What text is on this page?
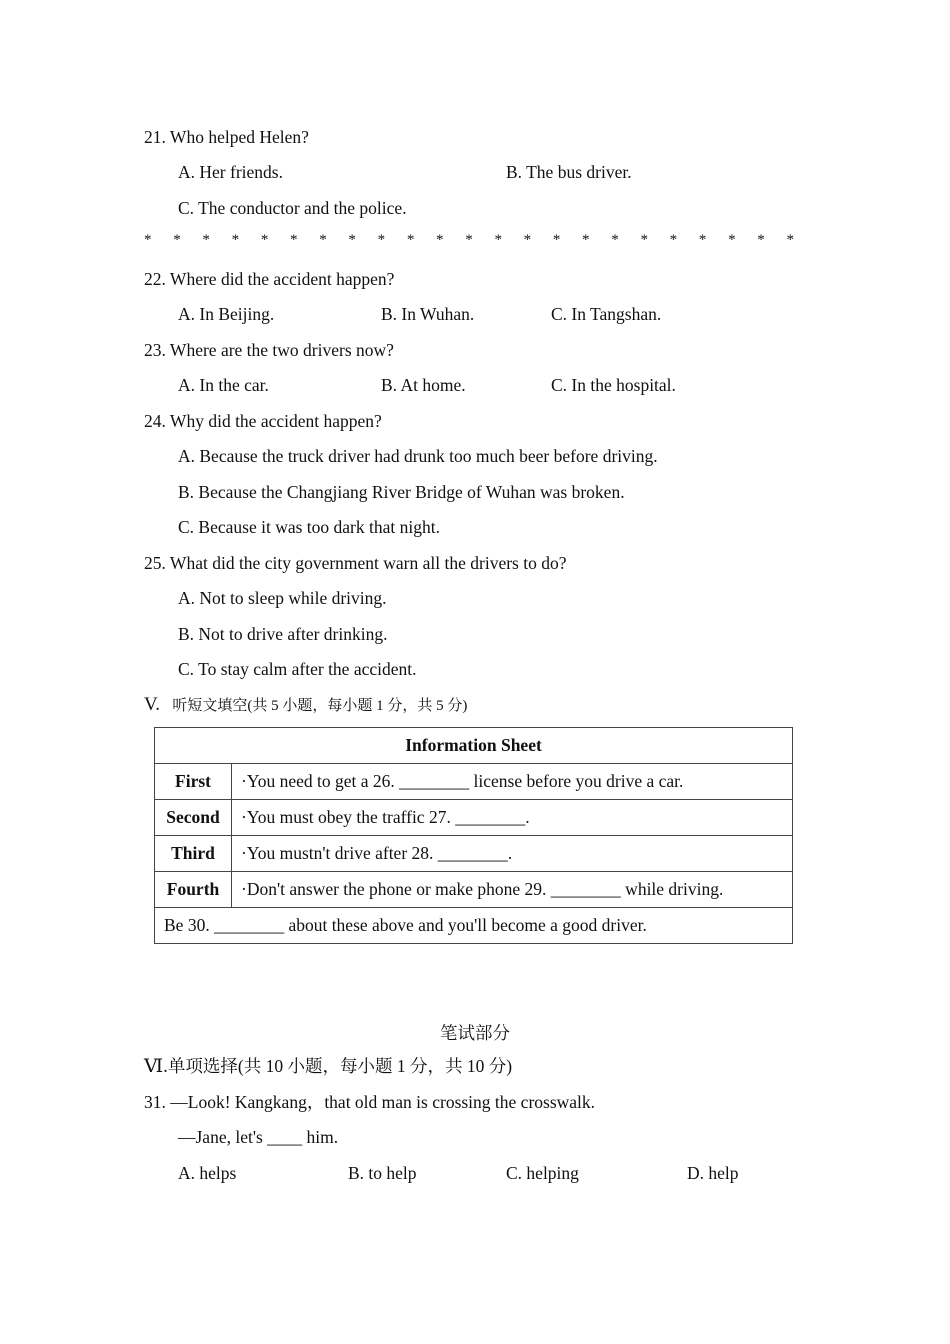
21. Who helped Helen?
A. Her friends.	B. The bus driver.
C. The conductor and the police.
* * * * * * * * * * * * * * * * * * * * * * *
22. Where did the accident happen?
A. In Beijing.	B. In Wuhan.	C. In Tangshan.
23. Where are the two drivers now?
A. In the car.	B. At home.	C. In the hospital.
24. Why did the accident happen?
A. Because the truck driver had drunk too much beer before driving.
B. Because the Changjiang River Bridge of Wuhan was broken.
C. Because it was too dark that night.
25. What did the city government warn all the drivers to do?
A. Not to sleep while driving.
B. Not to drive after drinking.
C. To stay calm after the accident.
V. 听短文填空(共 5 小题，每小题 1 分，共 5 分)
Information Sheet	
First	·You need to get a 26. ________ license before you drive a car.
Second	·You must obey the traffic 27. ________.
Third	·You mustn't drive after 28. ________.
Fourth	·Don't answer the phone or make phone 29. ________ while driving.
Be 30. ________ about these above and you'll become a good driver.	
笔试部分
Ⅵ.单项选择(共 10 小题，每小题 1 分，共 10 分)
31. —Look! Kangkang，that old man is crossing the crosswalk.
—Jane, let's ____ him.
A. helps	B. to help	C. helping	D. help
